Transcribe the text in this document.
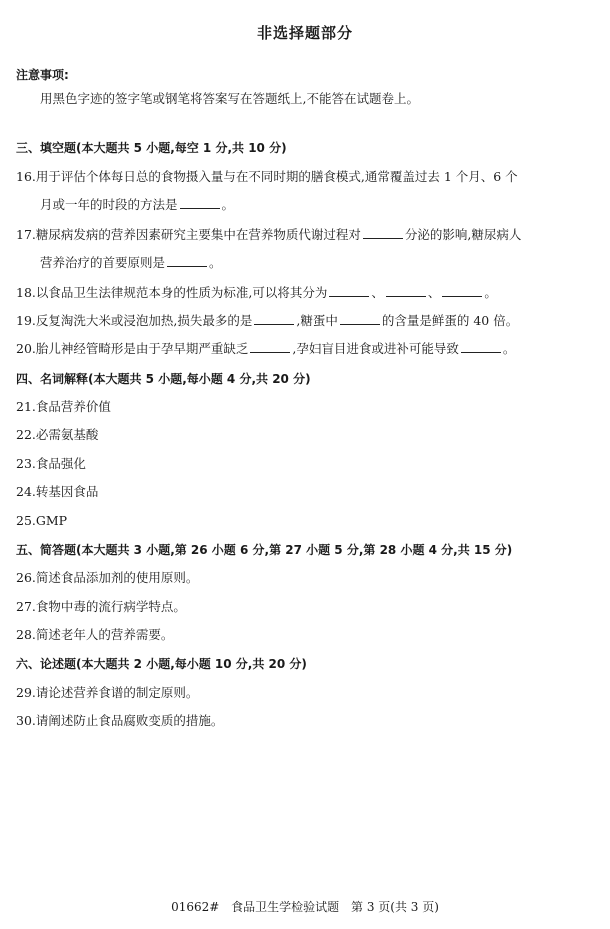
非选择题部分
注意事项:
用黑色字迹的签字笔或钢笔将答案写在答题纸上,不能答在试题卷上。
三、填空题(本大题共 5 小题,每空 1 分,共 10 分)
16.用于评估个体每日总的食物摄入量与在不同时期的膳食模式,通常覆盖过去 1 个月、6 个
月或一年的时段的方法是	。
17.糖尿病发病的营养因素研究主要集中在营养物质代谢过程对	分泌的影响,糖尿病人
营养治疗的首要原则是	。
18.以食品卫生法律规范本身的性质为标准,可以将其分为	、	、	。
19.反复淘洗大米或浸泡加热,损失最多的是	,糖蛋中	的含量是鲜蛋的 40 倍。
20.胎儿神经管畸形是由于孕早期严重缺乏	,孕妇盲目进食或进补可能导致	。
四、名词解释(本大题共 5 小题,每小题 4 分,共 20 分)
21.食品营养价值
22.必需氨基酸
23.食品强化
24.转基因食品
25.GMP
五、简答题(本大题共 3 小题,第 26 小题 6 分,第 27 小题 5 分,第 28 小题 4 分,共 15 分)
26.简述食品添加剂的使用原则。
27.食物中毒的流行病学特点。
28.简述老年人的营养需要。
六、论述题(本大题共 2 小题,每小题 10 分,共 20 分)
29.请论述营养食谱的制定原则。
30.请阐述防止食品腐败变质的措施。
01662# 食品卫生学检验试题 第 3 页(共 3 页)
